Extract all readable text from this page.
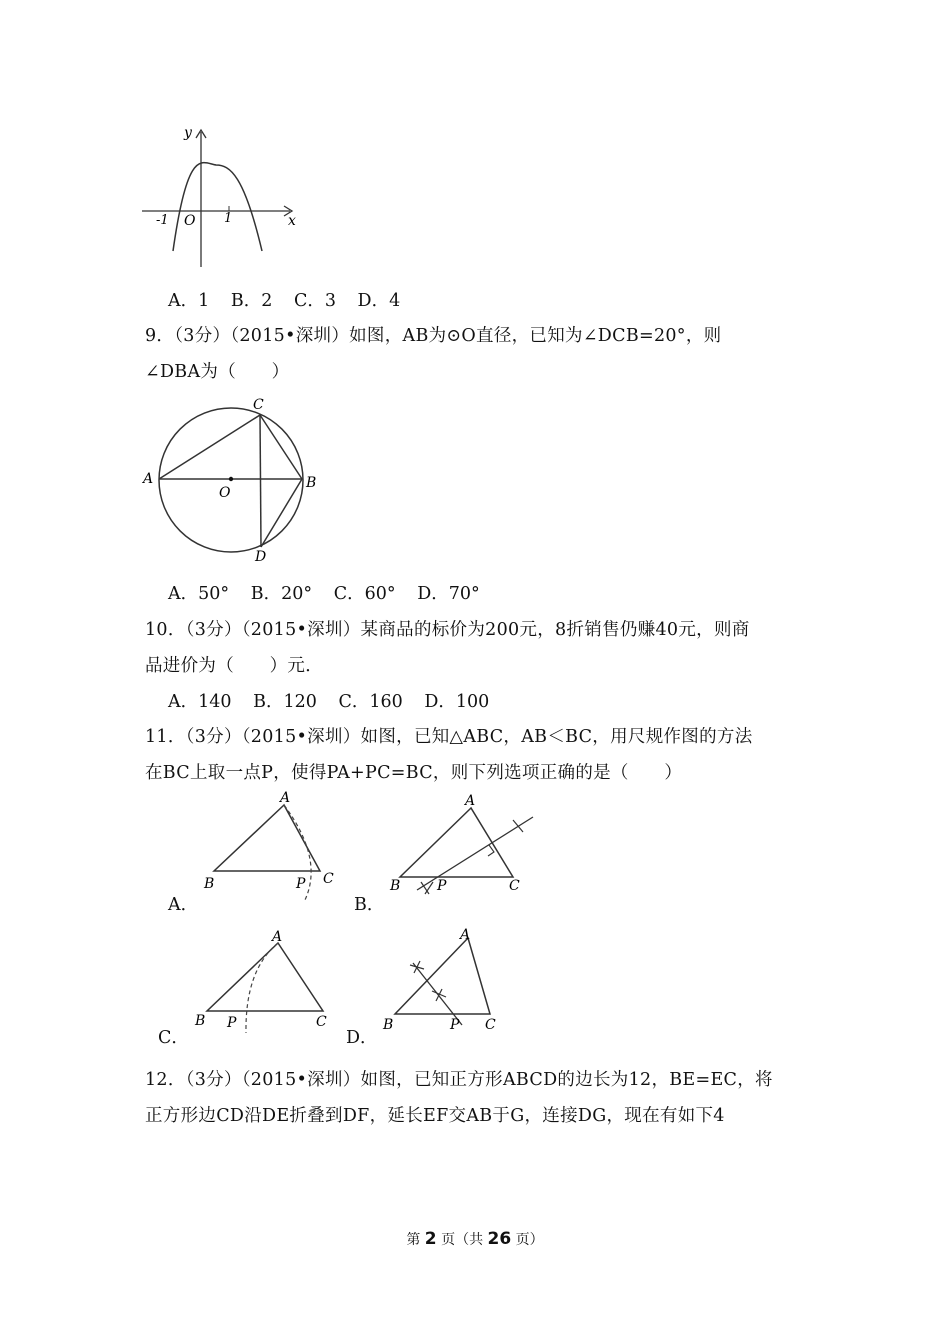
y
x
O
-1	1
A．1 B．2 C．3 D．4
9．（3分）（2015•深圳）如图，AB为⊙O直径，已知为∠DCB=20°，则
∠DBA为（　　）
A	B
C
D
O
A．50° B．20° C．60° D．70°
10．（3分）（2015•深圳）某商品的标价为200元，8折销售仍赚40元，则商
品进价为（　　）元．
A．140 B．120 C．160 D．100
11．（3分）（2015•深圳）如图，已知△ABC，AB＜BC，用尺规作图的方法
在BC上取一点P，使得PA+PC=BC，则下列选项正确的是（　　）
A．
A
B	C
P
B．
A
B	C
P
C．
A
B	C
P
D．
A
B	C
P
12．（3分）（2015•深圳）如图，已知正方形ABCD的边长为12，BE=EC，将
正方形边CD沿DE折叠到DF，延长EF交AB于G，连接DG，现在有如下4
第 2 页（共 26 页）
